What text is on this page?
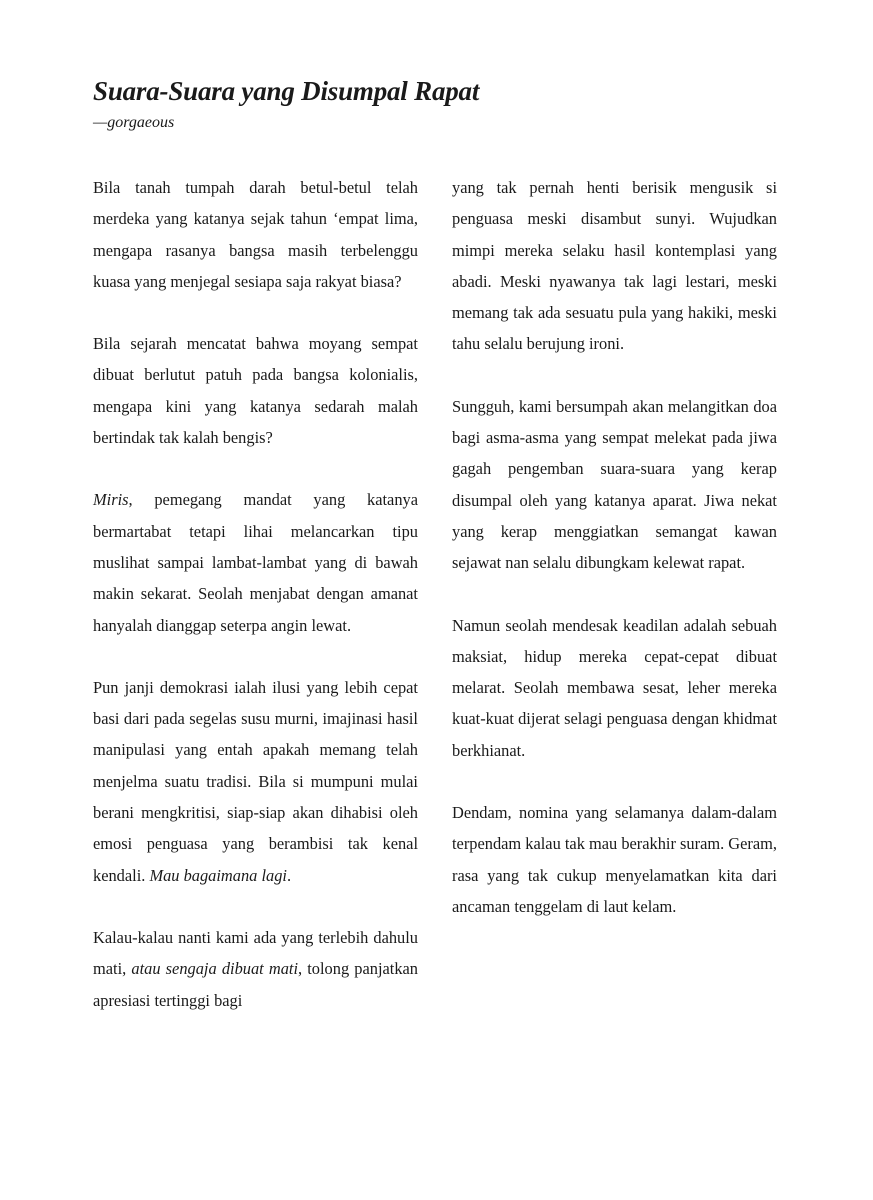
Suara-Suara yang Disumpal Rapat
—gorgaeous

Bila tanah tumpah darah betul-betul telah merdeka yang katanya sejak tahun ‘empat lima, mengapa rasanya bangsa masih terbelenggu kuasa yang menjegal sesiapa saja rakyat biasa?

Bila sejarah mencatat bahwa moyang sempat dibuat berlutut patuh pada bangsa kolonialis, mengapa kini yang katanya sedarah malah bertindak tak kalah bengis?

Miris, pemegang mandat yang katanya bermartabat tetapi lihai melancarkan tipu muslihat sampai lambat-lambat yang di bawah makin sekarat. Seolah menjabat dengan amanat hanyalah dianggap seterpa angin lewat.

Pun janji demokrasi ialah ilusi yang lebih cepat basi dari pada segelas susu murni, imajinasi hasil manipulasi yang entah apakah memang telah menjelma suatu tradisi. Bila si mumpuni mulai berani mengkritisi, siap-siap akan dihabisi oleh emosi penguasa yang berambisi tak kenal kendali. Mau bagaimana lagi.

Kalau-kalau nanti kami ada yang terlebih dahulu mati, atau sengaja dibuat mati, tolong panjatkan apresiasi tertinggi bagi

yang tak pernah henti berisik mengusik si penguasa meski disambut sunyi. Wujudkan mimpi mereka selaku hasil kontemplasi yang abadi. Meski nyawanya tak lagi lestari, meski memang tak ada sesuatu pula yang hakiki, meski tahu selalu berujung ironi.

Sungguh, kami bersumpah akan melangitkan doa bagi asma-asma yang sempat melekat pada jiwa gagah pengemban suara-suara yang kerap disumpal oleh yang katanya aparat. Jiwa nekat yang kerap menggiatkan semangat kawan sejawat nan selalu dibungkam kelewat rapat.

Namun seolah mendesak keadilan adalah sebuah maksiat, hidup mereka cepat-cepat dibuat melarat. Seolah membawa sesat, leher mereka kuat-kuat dijerat selagi penguasa dengan khidmat berkhianat.

Dendam, nomina yang selamanya dalam-dalam terpendam kalau tak mau berakhir suram. Geram, rasa yang tak cukup menyelamatkan kita dari ancaman tenggelam di laut kelam.
